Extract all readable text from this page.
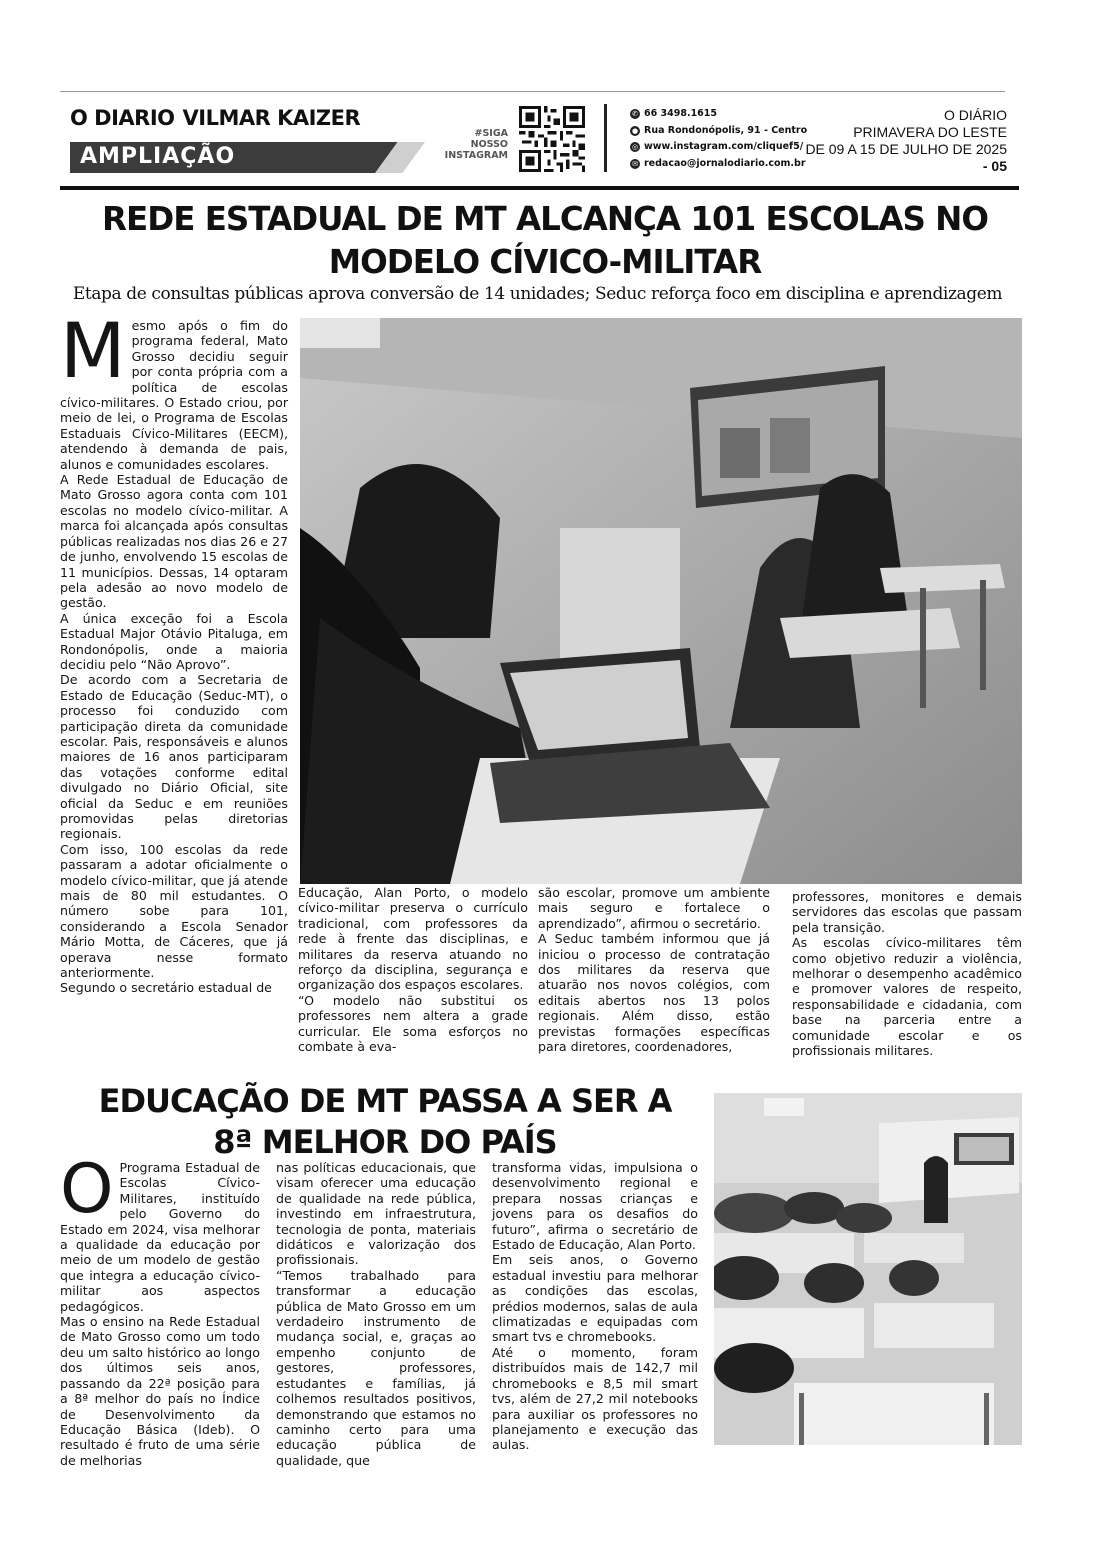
O DIARIO VILMAR KAIZER
AMPLIAÇÃO
#SIGA
NOSSO
INSTAGRAM
✆ 66 3498.1615
● Rua Rondonópolis, 91 - Centro
◎ www.instagram.com/cliquef5/
✉ redacao@jornalodiario.com.br
O DIÁRIO
PRIMAVERA DO LESTE
DE 09 A 15 DE JULHO DE 2025
- 05
REDE ESTADUAL DE MT ALCANÇA 101 ESCOLAS NO MODELO CÍVICO-MILITAR
Etapa de consultas públicas aprova conversão de 14 unidades; Seduc reforça foco em disciplina e aprendizagem
M esmo após o fim do programa federal, Mato Grosso decidiu seguir por conta própria com a política de escolas cívico-militares. O Estado criou, por meio de lei, o Programa de Escolas Estaduais Cívico-Militares (EECM), atendendo à demanda de pais, alunos e comunidades escolares.
A Rede Estadual de Educação de Mato Grosso agora conta com 101 escolas no modelo cívico-militar. A marca foi alcançada após consultas públicas realizadas nos dias 26 e 27 de junho, envolvendo 15 escolas de 11 municípios. Dessas, 14 optaram pela adesão ao novo modelo de gestão.
A única exceção foi a Escola Estadual Major Otávio Pitaluga, em Rondonópolis, onde a maioria decidiu pelo “Não Aprovo”.
De acordo com a Secretaria de Estado de Educação (Seduc-MT), o processo foi conduzido com participação direta da comunidade escolar. Pais, responsáveis e alunos maiores de 16 anos participaram das votações conforme edital divulgado no Diário Oficial, site oficial da Seduc e em reuniões promovidas pelas diretorias regionais.
Com isso, 100 escolas da rede passaram a adotar oficialmente o modelo cívico-militar, que já atende mais de 80 mil estudantes. O número sobe para 101, considerando a Escola Senador Mário Motta, de Cáceres, que já operava nesse formato anteriormente.
Segundo o secretário estadual de
Educação, Alan Porto, o modelo cívico-militar preserva o currículo tradicional, com professores da rede à frente das disciplinas, e militares da reserva atuando no reforço da disciplina, segurança e organização dos espaços escolares.
“O modelo não substitui os professores nem altera a grade curricular. Ele soma esforços no combate à eva-
são escolar, promove um ambiente mais seguro e fortalece o aprendizado”, afirmou o secretário.
A Seduc também informou que já iniciou o processo de contratação dos militares da reserva que atuarão nos novos colégios, com editais abertos nos 13 polos regionais. Além disso, estão previstas formações específicas para diretores, coordenadores,
professores, monitores e demais servidores das escolas que passam pela transição.
As escolas cívico-militares têm como objetivo reduzir a violência, melhorar o desempenho acadêmico e promover valores de respeito, responsabilidade e cidadania, com base na parceria entre a comunidade escolar e os profissionais militares.
EDUCAÇÃO DE MT PASSA A SER A
8ª MELHOR DO PAÍS
O Programa Estadual de Escolas Cívico-Militares, instituído pelo Governo do Estado em 2024, visa melhorar a qualidade da educação por meio de um modelo de gestão que integra a educação cívico-militar aos aspectos pedagógicos.
Mas o ensino na Rede Estadual de Mato Grosso como um todo deu um salto histórico ao longo dos últimos seis anos, passando da 22ª posição para a 8ª melhor do país no Índice de Desenvolvimento da Educação Básica (Ideb). O resultado é fruto de uma série de melhorias
nas políticas educacionais, que visam oferecer uma educação de qualidade na rede pública, investindo em infraestrutura, tecnologia de ponta, materiais didáticos e valorização dos profissionais.
“Temos trabalhado para transformar a educação pública de Mato Grosso em um verdadeiro instrumento de mudança social, e, graças ao empenho conjunto de gestores, professores, estudantes e famílias, já colhemos resultados positivos, demonstrando que estamos no caminho certo para uma educação pública de qualidade, que
transforma vidas, impulsiona o desenvolvimento regional e prepara nossas crianças e jovens para os desafios do futuro”, afirma o secretário de Estado de Educação, Alan Porto.
Em seis anos, o Governo estadual investiu para melhorar as condições das escolas, prédios modernos, salas de aula climatizadas e equipadas com smart tvs e chromebooks.
Até o momento, foram distribuídos mais de 142,7 mil chromebooks e 8,5 mil smart tvs, além de 27,2 mil notebooks para auxiliar os professores no planejamento e execução das aulas.
